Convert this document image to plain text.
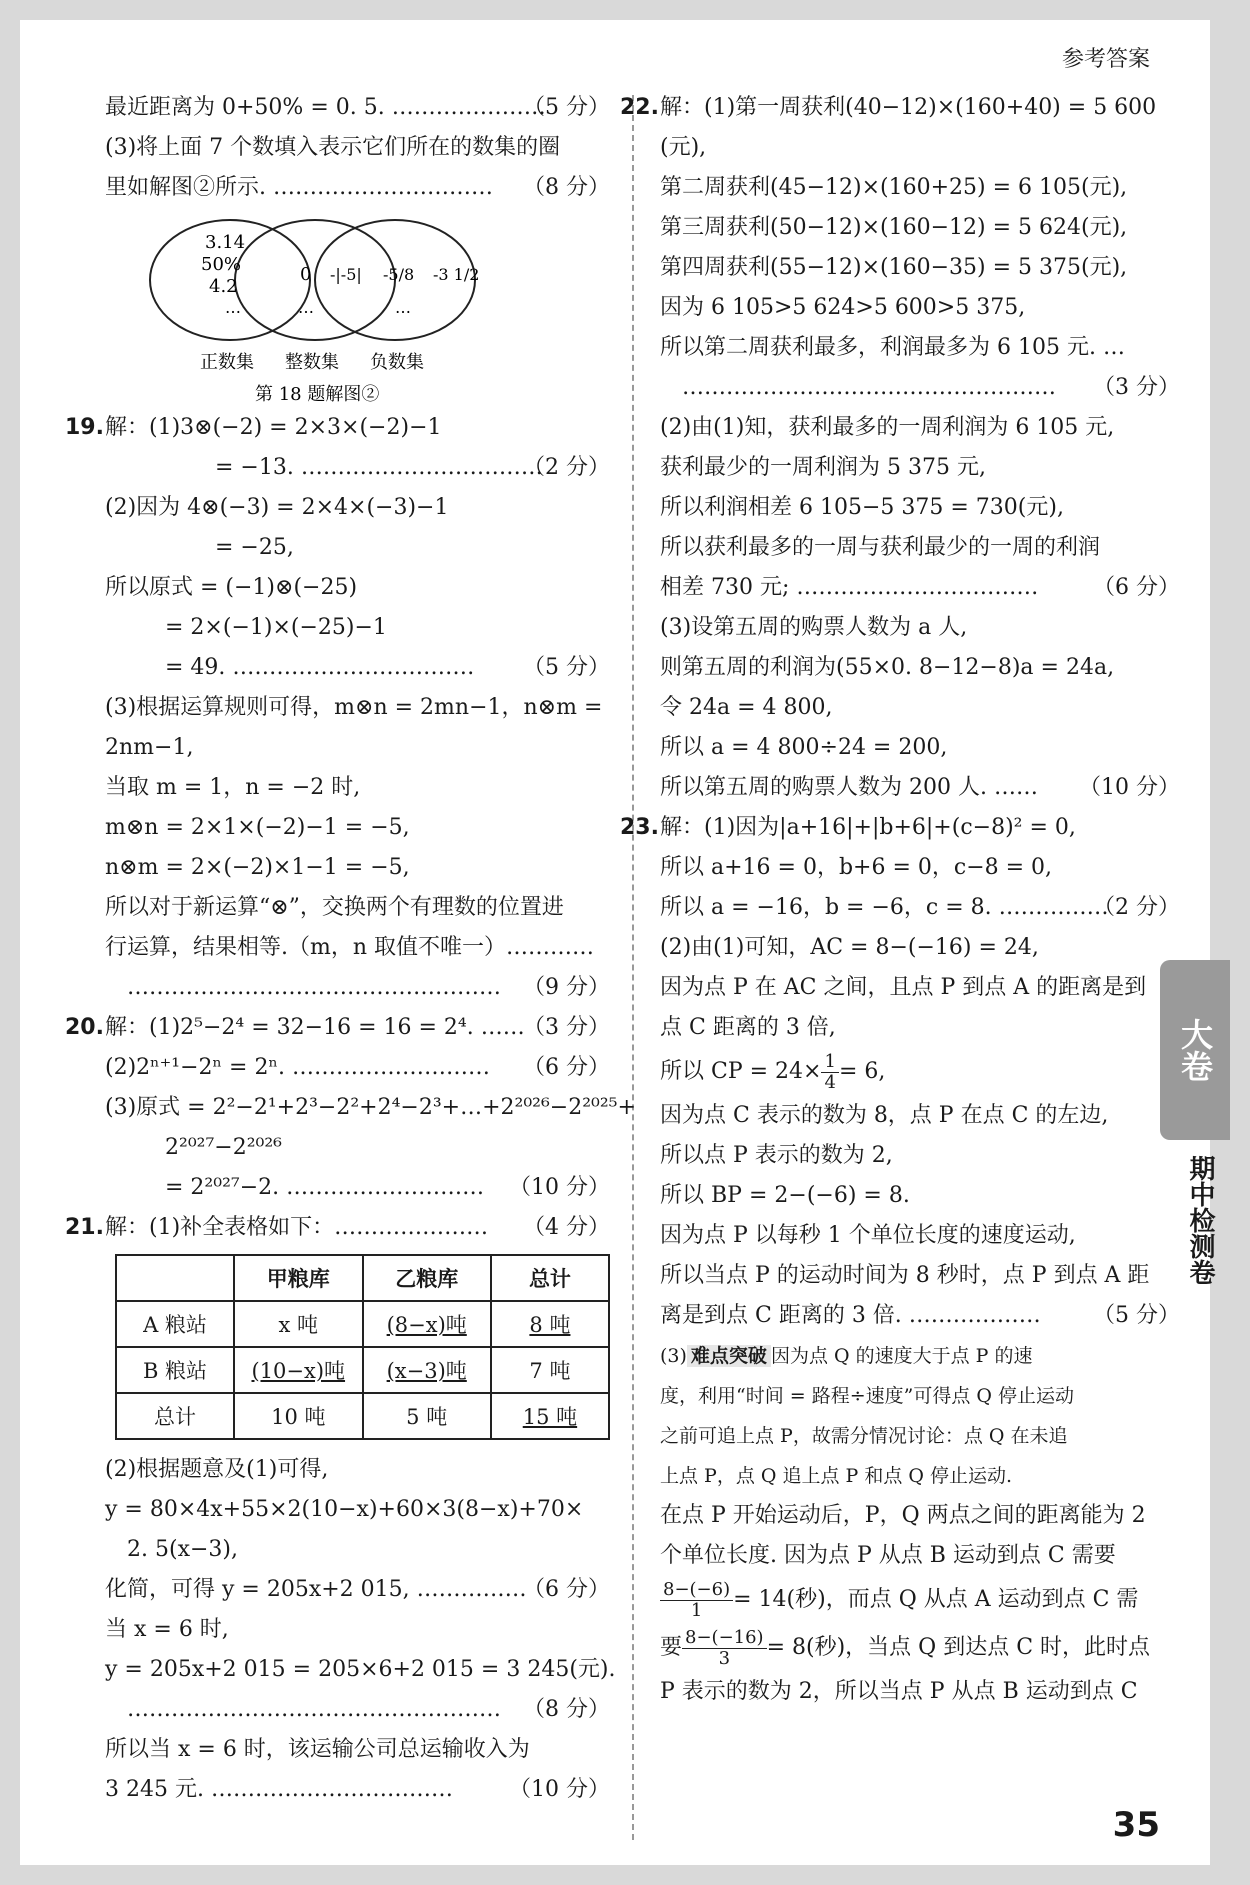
参考答案
最近距离为 0+50% = 0. 5. …………………
（5 分）
(3)将上面 7 个数填入表示它们所在的数集的圈
里如解图②所示. ………………………… （8 分）
3.14
50%
4.2
…
0
…
-|-5| -5/8 -3 1/2
…
正数集 整数集 负数集
第 18 题解图②
19. 解：(1)3⊗(−2) = 2×3×(−2)−1
= −13. ……………………………
（2 分）
(2)因为 4⊗(−3) = 2×4×(−3)−1
= −25,
所以原式 = (−1)⊗(−25)
= 2×(−1)×(−25)−1
= 49. …………………………… （5 分）
(3)根据运算规则可得，m⊗n = 2mn−1，n⊗m =
2nm−1,
当取 m = 1，n = −2 时,
m⊗n = 2×1×(−2)−1 = −5,
n⊗m = 2×(−2)×1−1 = −5,
所以对于新运算“⊗”，交换两个有理数的位置进
行运算，结果相等.（m，n 取值不唯一）…………
…………………………………………… （9 分）
20. 解：(1)2⁵−2⁴ = 32−16 = 16 = 2⁴. ……
（3 分）
(2)2ⁿ⁺¹−2ⁿ = 2ⁿ. ……………………… （6 分）
(3)原式 = 2²−2¹+2³−2²+2⁴−2³+…+2²⁰²⁶−2²⁰²⁵+
2²⁰²⁷−2²⁰²⁶
= 2²⁰²⁷−2. ……………………… （10 分）
21. 解：(1)补全表格如下：………………… （4 分）
	甲粮库	乙粮库	总计
A 粮站	x 吨	(8−x)吨	8 吨
B 粮站	(10−x)吨	(x−3)吨	7 吨
总计	10 吨	5 吨	15 吨
(2)根据题意及(1)可得,
y = 80×4x+55×2(10−x)+60×3(8−x)+70×
2. 5(x−3),
化简，可得 y = 205x+2 015, ……………
（6 分）
当 x = 6 时,
y = 205x+2 015 = 205×6+2 015 = 3 245(元).
…………………………………………… （8 分）
所以当 x = 6 时，该运输公司总运输收入为
3 245 元. ……………………………	（10 分）
22. 解：(1)第一周获利(40−12)×(160+40) = 5 600
(元),
第二周获利(45−12)×(160+25) = 6 105(元),
第三周获利(50−12)×(160−12) = 5 624(元),
第四周获利(55−12)×(160−35) = 5 375(元),
因为 6 105>5 624>5 600>5 375,
所以第二周获利最多，利润最多为 6 105 元. …
…………………………………………… （3 分）
(2)由(1)知，获利最多的一周利润为 6 105 元,
获利最少的一周利润为 5 375 元,
所以利润相差 6 105−5 375 = 730(元),
所以获利最多的一周与获利最少的一周的利润
相差 730 元; …………………………… （6 分）
(3)设第五周的购票人数为 a 人,
则第五周的利润为(55×0. 8−12−8)a = 24a,
令 24a = 4 800,
所以 a = 4 800÷24 = 200,
所以第五周的购票人数为 200 人. …… （10 分）
23. 解：(1)因为|a+16|+|b+6|+(c−8)² = 0,
所以 a+16 = 0，b+6 = 0，c−8 = 0,
所以 a = −16，b = −6，c = 8. ……………
（2 分）
(2)由(1)可知，AC = 8−(−16) = 24,
因为点 P 在 AC 之间，且点 P 到点 A 的距离是到
点 C 距离的 3 倍,
所以 CP = $24\times \frac{1}{4} = 6$,
因为点 C 表示的数为 8，点 P 在点 C 的左边,
所以点 P 表示的数为 2,
所以 BP = 2−(−6) = 8.
因为点 P 以每秒 1 个单位长度的速度运动,
所以当点 P 的运动时间为 8 秒时，点 P 到点 A 距
离是到点 C 距离的 3 倍. ……………… （5 分）
(3) 难点突破 因为点 Q 的速度大于点 P 的速
度，利用“时间 = 路程÷速度”可得点 Q 停止运动
之前可追上点 P，故需分情况讨论：点 Q 在未追
上点 P，点 Q 追上点 P 和点 Q 停止运动.
在点 P 开始运动后，P，Q 两点之间的距离能为 2
个单位长度. 因为点 P 从点 B 运动到点 C 需要
$\frac{8-(-6)}{1} = 14$(秒)，而点 Q 从点 A 运动到点 C 需
要 $\frac{8-(-16)}{3} = 8$(秒)，当点 Q 到达点 C 时，此时点
P 表示的数为 2，所以当点 P 从点 B 运动到点 C
大卷
期中检测卷
35
